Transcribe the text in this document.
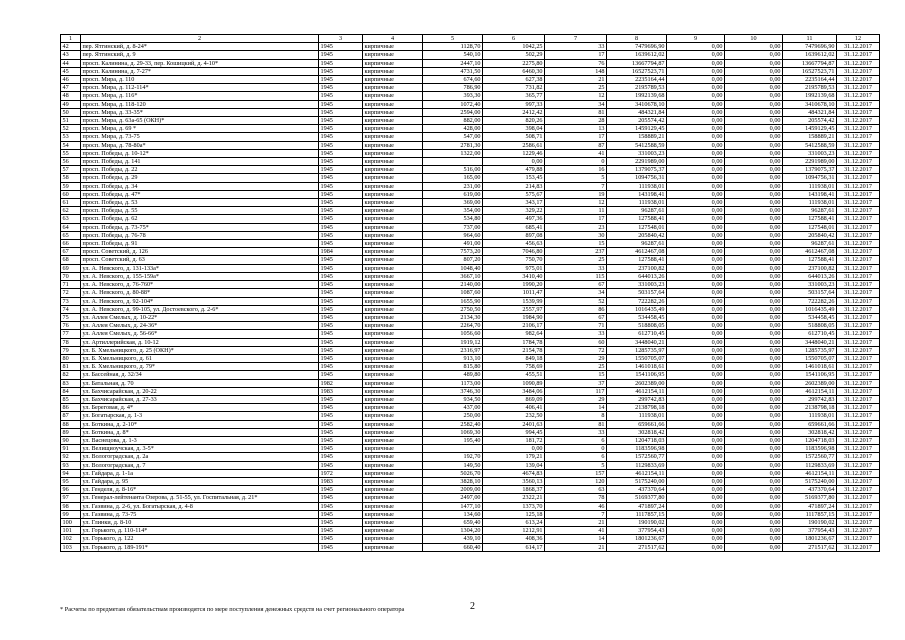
1	2	3	4	5	6	7	8	9	10	11	12
42	пер. Ятгинский, д. 8-24*	1945	кирпичные	1128,70	1042,25	33	7479696,90	0,00	0,00	7479696,90	31.12.2017
43	пер. Ятгинский, д. 9	1945	кирпичные	540,10	502,29	17	1639612,02	0,00	0,00	1639612,02	31.12.2017
44	просп. Калинина, д. 29-33, пер. Кошицкий, д. 4-10*	1945	кирпичные	2447,10	2275,80	76	13667794,87	0,00	0,00	13667794,87	31.12.2017
45	просп. Калинина, д. 7-27*	1945	кирпичные	4731,50	6460,30	148	16527523,71	0,00	0,00	16527523,71	31.12.2017
46	просп. Мира, д. 110	1945	кирпичные	674,60	627,38	21	2235164,44	0,00	0,00	2235164,44	31.12.2017
47	просп. Мира, д. 112-114*	1945	кирпичные	786,90	731,82	25	2195789,53	0,00	0,00	2195789,53	31.12.2017
48	просп. Мира, д. 116*	1945	кирпичные	393,30	365,77	12	1992139,68	0,00	0,00	1992139,68	31.12.2017
49	просп. Мира, д. 118-120	1945	кирпичные	1072,40	997,33	34	3410678,10	0,00	0,00	3410678,10	31.12.2017
50	просп. Мира, д. 33-35*	1945	кирпичные	2594,00	2412,42	81	484321,84	0,00	0,00	484321,84	31.12.2017
51	просп. Мира, д. 63а-65 (ОКН)*	1945	кирпичные	882,00	820,26	28	205574,42	0,00	0,00	205574,42	31.12.2017
52	просп. Мира, д. 69 *	1945	кирпичные	428,00	398,04	13	1459129,45	0,00	0,00	1459129,45	31.12.2017
53	просп. Мира, д. 73-75	1945	кирпичные	547,00	508,71	17	158889,21	0,00	0,00	158889,21	31.12.2017
54	просп. Мира, д. 78-80а*	1945	кирпичные	2781,30	2586,61	87	5412588,59	0,00	0,00	5412588,59	31.12.2017
55	просп. Победы, д. 10-12*	1945	кирпичные	1322,00	1229,46	41	331003,23	0,00	0,00	331003,23	31.12.2017
56	просп. Победы, д. 141	1945	кирпичные		0,00	0	2291989,00	0,00	0,00	2291989,00	31.12.2017
57	просп. Победы, д. 22	1945	кирпичные	516,00	479,88	16	1379075,37	0,00	0,00	1379075,37	31.12.2017
58	просп. Победы, д. 29	1945	кирпичные	165,00	153,45	5	1094756,31	0,00	0,00	1094756,31	31.12.2017
59	просп. Победы, д. 34	1945	кирпичные	231,00	214,83	7	111938,01	0,00	0,00	111938,01	31.12.2017
60	просп. Победы, д. 47*	1945	кирпичные	619,00	575,67	19	143198,41	0,00	0,00	143198,41	31.12.2017
61	просп. Победы, д. 53	1945	кирпичные	369,00	343,17	12	111938,01	0,00	0,00	111938,01	31.12.2017
62	просп. Победы, д. 55	1945	кирпичные	354,00	329,22	11	96287,61	0,00	0,00	96287,61	31.12.2017
63	просп. Победы, д. 62	1945	кирпичные	534,80	497,36	17	127588,41	0,00	0,00	127588,41	31.12.2017
64	просп. Победы, д. 73-75*	1945	кирпичные	737,00	685,41	23	127548,01	0,00	0,00	127548,01	31.12.2017
65	просп. Победы, д. 76-78	1945	кирпичные	964,60	897,08	30	205840,42	0,00	0,00	205840,42	31.12.2017
66	просп. Победы, д. 91	1945	кирпичные	491,00	456,63	15	96287,61	0,00	0,00	96287,61	31.12.2017
67	просп. Советский, д. 126	1984	кирпичные	7573,20	7046,80	237	4612467,08	0,00	0,00	4612467,08	31.12.2017
68	просп. Советский, д. 63	1945	кирпичные	807,20	750,70	25	127588,41	0,00	0,00	127588,41	31.12.2017
69	ул. А. Невского, д. 131-133а*	1945	кирпичные	1048,40	975,01	33	237100,82	0,00	0,00	237100,82	31.12.2017
70	ул. А. Невского, д. 155-159а*	1945	кирпичные	3667,10	3410,40	115	644013,26	0,00	0,00	644013,26	31.12.2017
71	ул. А. Невского, д. 76-760*	1945	кирпичные	2140,00	1990,20	67	331003,23	0,00	0,00	331003,23	31.12.2017
72	ул. А. Невского, д. 80-88*	1945	кирпичные	1087,60	1011,47	34	503157,64	0,00	0,00	503157,64	31.12.2017
73	ул. А. Невского, д. 92-104*	1945	кирпичные	1655,90	1539,99	52	722282,26	0,00	0,00	722282,26	31.12.2017
74	ул. А. Невского, д. 99-105, ул. Достоевского, д. 2-6*	1945	кирпичные	2750,50	2557,97	86	1016435,49	0,00	0,00	1016435,49	31.12.2017
75	ул. Аллея Смелых, д. 10-22*	1945	кирпичные	2134,30	1984,90	67	534458,45	0,00	0,00	534458,45	31.12.2017
76	ул. Аллея Смелых, д. 24-36*	1945	кирпичные	2264,70	2106,17	71	518808,05	0,00	0,00	518808,05	31.12.2017
77	ул. Аллея Смелых, д. 56-66*	1945	кирпичные	1056,60	982,64	33	612710,45	0,00	0,00	612710,45	31.12.2017
78	ул. Артиллерийская, д. 10-12	1945	кирпичные	1919,12	1784,78	60	3448040,21	0,00	0,00	3448040,21	31.12.2017
79	ул. Б. Хмельницкого, д. 25 (ОКН)*	1945	кирпичные	2316,97	2154,78	72	1285735,97	0,00	0,00	1285735,97	31.12.2017
80	ул. Б. Хмельницкого, д. 61	1945	кирпичные	913,10	849,18	29	1550705,07	0,00	0,00	1550705,07	31.12.2017
81	ул. Б. Хмельницкого, д. 79*	1945	кирпичные	815,80	758,69	25	1461018,61	0,00	0,00	1461018,61	31.12.2017
82	ул. Бассейная, д. 32/34	1945	кирпичные	489,80	455,51	15	1541106,95	0,00	0,00	1541106,95	31.12.2017
83	ул. Батальная, д. 70	1982	кирпичные	1173,00	1090,89	37	2602389,00	0,00	0,00	2602389,00	31.12.2017
84	ул. Бахчисарайская, д. 20-22	1983	кирпичные	3746,30	3484,06	117	4612154,11	0,00	0,00	4612154,11	31.12.2017
85	ул. Бахчисарайская, д. 27-33	1945	кирпичные	934,50	869,09	29	299742,83	0,00	0,00	299742,83	31.12.2017
86	ул. Береговая, д. 4*	1945	кирпичные	437,00	406,41	14	2138798,18	0,00	0,00	2138798,18	31.12.2017
87	ул. Богатырская, д. 1-3	1945	кирпичные	250,00	232,50	8	111938,01	0,00	0,00	111938,01	31.12.2017
88	ул. Боткина, д. 2-10*	1945	кирпичные	2582,40	2401,63	81	659661,66	0,00	0,00	659661,66	31.12.2017
89	ул. Боткина, д. 8*	1945	кирпичные	1069,30	994,45	33	302818,42	0,00	0,00	302818,42	31.12.2017
90	ул. Васнецова, д. 1-3	1945	кирпичные	195,40	181,72	6	1204718,03	0,00	0,00	1204718,03	31.12.2017
91	ул. Велищиоучская, д. 3-5*	1945	кирпичные		0,00	0	1183596,98	0,00	0,00	1183596,98	31.12.2017
92	ул. Вологоградская, д. 2а	1945	кирпичные	192,70	179,21	6	1572560,77	0,00	0,00	1572560,77	31.12.2017
93	ул. Вологоградская, д. 7	1945	кирпичные	149,50	139,04	5	1129833,69	0,00	0,00	1129833,69	31.12.2017
94	ул. Гайдара, д. 1-1а	1972	кирпичные	5026,70	4674,83	157	4612154,11	0,00	0,00	4612154,11	31.12.2017
95	ул. Гайдара, д. 95	1983	кирпичные	3828,10	3560,13	120	5175240,00	0,00	0,00	5175240,00	31.12.2017
96	ул. Генделя, д. 8-16*	1945	кирпичные	2009,00	1868,37	63	437370,64	0,00	0,00	437370,64	31.12.2017
97	ул. Генерал-лейтенанта Озерова, д. 51-55, ул. Госпитальная, д. 21*	1945	кирпичные	2497,00	2322,21	78	5169377,80	0,00	0,00	5169377,80	31.12.2017
98	ул. Гаэвина, д. 2-6, ул. Богатырская, д. 4-8	1945	кирпичные	1477,10	1373,70	46	471897,24	0,00	0,00	471897,24	31.12.2017
99	ул. Гаэвина, д. 73-75	1945	кирпичные	134,60	125,18	7	1117857,15	0,00	0,00	1117857,15	31.12.2017
100	ул. Глинки, д. 8-10	1945	кирпичные	659,40	613,24	21	190190,02	0,00	0,00	190190,02	31.12.2017
101	ул. Горького, д. 110-114*	1945	кирпичные	1304,20	1212,91	41	377954,43	0,00	0,00	377954,43	31.12.2017
102	ул. Горького, д. 122	1945	кирпичные	439,10	408,36	14	1801236,67	0,00	0,00	1801236,67	31.12.2017
103	ул. Горького, д. 189-191*	1945	кирпичные	660,40	614,17	21	271517,62	0,00	0,00	271517,62	31.12.2017
2
* Расчеты по предметам обязательствам производятся по мере поступления денежных средств на счет регионального оператора
